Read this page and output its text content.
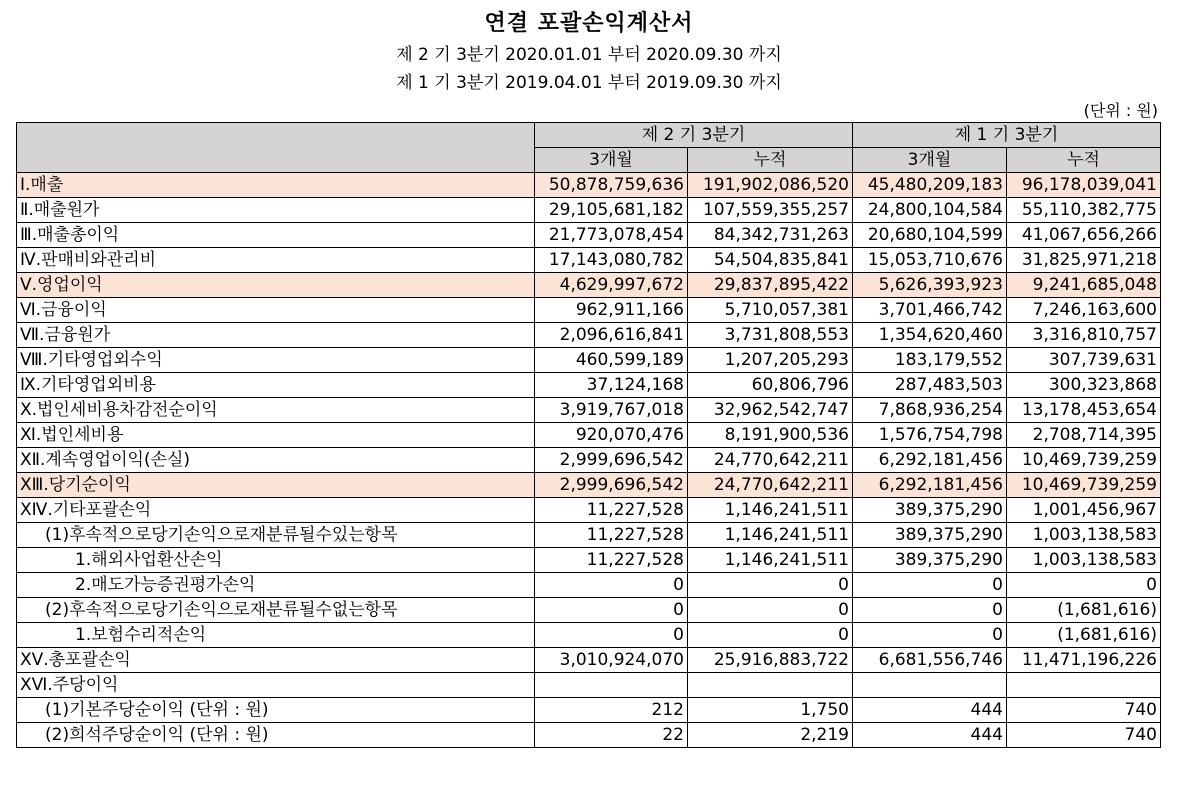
연결 포괄손익계산서
제 2 기 3분기 2020.01.01 부터 2020.09.30 까지
제 1 기 3분기 2019.04.01 부터 2019.09.30 까지
(단위 : 원)
	제 2 기 3분기		제 1 기 3분기	
	3개월	누적	3개월	누적
Ⅰ.매출	50,878,759,636	191,902,086,520	45,480,209,183	96,178,039,041
Ⅱ.매출원가	29,105,681,182	107,559,355,257	24,800,104,584	55,110,382,775
Ⅲ.매출총이익	21,773,078,454	84,342,731,263	20,680,104,599	41,067,656,266
Ⅳ.판매비와관리비	17,143,080,782	54,504,835,841	15,053,710,676	31,825,971,218
Ⅴ.영업이익	4,629,997,672	29,837,895,422	5,626,393,923	9,241,685,048
Ⅵ.금융이익	962,911,166	5,710,057,381	3,701,466,742	7,246,163,600
Ⅶ.금융원가	2,096,616,841	3,731,808,553	1,354,620,460	3,316,810,757
Ⅷ.기타영업외수익	460,599,189	1,207,205,293	183,179,552	307,739,631
Ⅸ.기타영업외비용	37,124,168	60,806,796	287,483,503	300,323,868
Ⅹ.법인세비용차감전순이익	3,919,767,018	32,962,542,747	7,868,936,254	13,178,453,654
Ⅺ.법인세비용	920,070,476	8,191,900,536	1,576,754,798	2,708,714,395
ⅩⅡ.계속영업이익(손실)	2,999,696,542	24,770,642,211	6,292,181,456	10,469,739,259
ⅩⅢ.당기순이익	2,999,696,542	24,770,642,211	6,292,181,456	10,469,739,259
ⅩⅣ.기타포괄손익	11,227,528	1,146,241,511	389,375,290	1,001,456,967
(1)후속적으로당기손익으로재분류될수있는항목	11,227,528	1,146,241,511	389,375,290	1,003,138,583
1.해외사업환산손익	11,227,528	1,146,241,511	389,375,290	1,003,138,583
2.매도가능증권평가손익	0	0	0	0
(2)후속적으로당기손익으로재분류될수없는항목	0	0	0	(1,681,616)
1.보험수리적손익	0	0	0	(1,681,616)
ⅩⅤ.총포괄손익	3,010,924,070	25,916,883,722	6,681,556,746	11,471,196,226
ⅩⅥ.주당이익				
(1)기본주당순이익 (단위 : 원)	212	1,750	444	740
(2)희석주당순이익 (단위 : 원)	22	2,219	444	740
